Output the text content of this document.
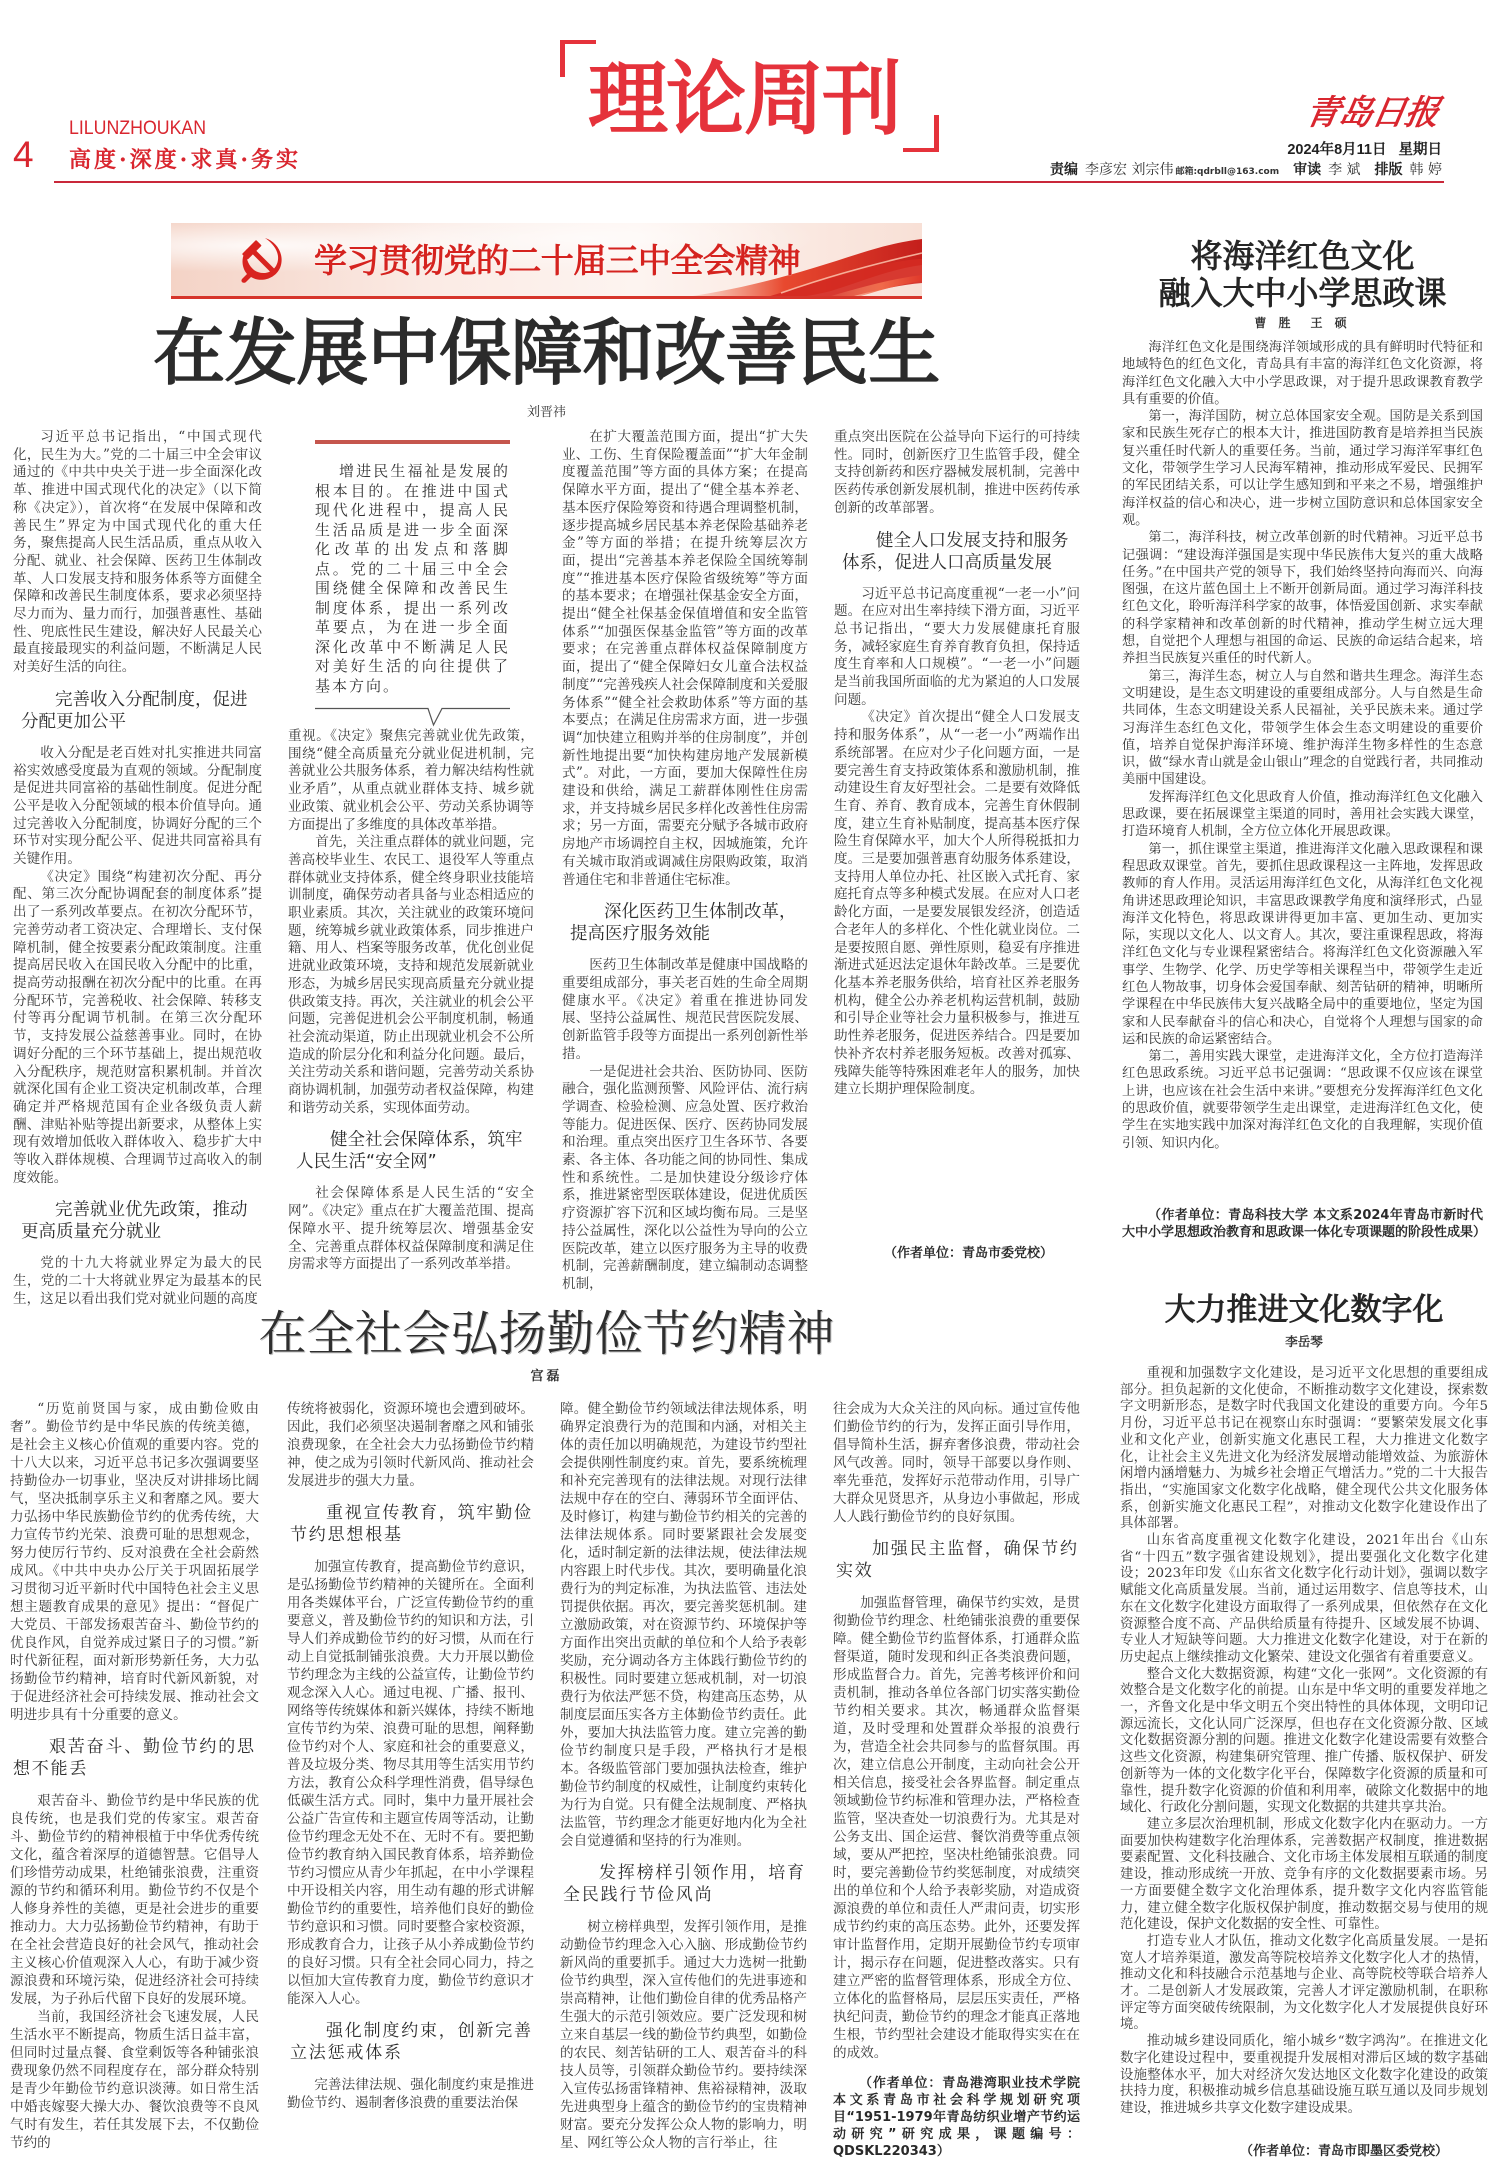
4
LILUNZHOUKAN
高度·深度·求真·务实
理论周刊	青岛日报
2024年8月11日 星期日
责编 李彦宏 刘宗伟 邮箱:qdrbll@163.com 审读 李 斌 排版 韩 婷
学习贯彻党的二十届三中全会精神
在发展中保障和改善民生
刘晋祎

习近平总书记指出，“中国式现代化，民生为大。”党的二十届三中全会审议通过的《中共中央关于进一步全面深化改革、推进中国式现代化的决定》（以下简称《决定》），首次将“在发展中保障和改善民生”界定为中国式现代化的重大任务，聚焦提高人民生活品质，重点从收入分配、就业、社会保障、医药卫生体制改革、人口发展支持和服务体系等方面健全保障和改善民生制度体系，要求必须坚持尽力而为、量力而行，加强普惠性、基础性、兜底性民生建设，解决好人民最关心最直接最现实的利益问题，不断满足人民对美好生活的向往。

完善收入分配制度，促进分配更加公平

收入分配是老百姓对扎实推进共同富裕实效感受度最为直观的领域。分配制度是促进共同富裕的基础性制度。促进分配公平是收入分配领域的根本价值导向。通过完善收入分配制度，协调好分配的三个环节对实现分配公平、促进共同富裕具有关键作用。

《决定》围绕“构建初次分配、再分配、第三次分配协调配套的制度体系”提出了一系列改革要点。在初次分配环节，完善劳动者工资决定、合理增长、支付保障机制，健全按要素分配政策制度。注重提高居民收入在国民收入分配中的比重，提高劳动报酬在初次分配中的比重。在再分配环节，完善税收、社会保障、转移支付等再分配调节机制。在第三次分配环节，支持发展公益慈善事业。同时，在协调好分配的三个环节基础上，提出规范收入分配秩序，规范财富积累机制。并首次就深化国有企业工资决定机制改革，合理确定并严格规范国有企业各级负责人薪酬、津贴补贴等提出新要求，从整体上实现有效增加低收入群体收入、稳步扩大中等收入群体规模、合理调节过高收入的制度效能。

完善就业优先政策，推动更高质量充分就业

党的十九大将就业界定为最大的民生，党的二十大将就业界定为最基本的民生，这足以看出我们党对就业问题的高度

增进民生福祉是发展的根本目的。在推进中国式现代化进程中，提高人民生活品质是进一步全面深化改革的出发点和落脚点。党的二十届三中全会围绕健全保障和改善民生制度体系，提出一系列改革要点，为在进一步全面深化改革中不断满足人民对美好生活的向往提供了基本方向。

重视。《决定》聚焦完善就业优先政策，围绕“健全高质量充分就业促进机制，完善就业公共服务体系，着力解决结构性就业矛盾”，从重点就业群体支持、城乡就业政策、就业机会公平、劳动关系协调等方面提出了多维度的具体改革举措。

首先，关注重点群体的就业问题，完善高校毕业生、农民工、退役军人等重点群体就业支持体系，健全终身职业技能培训制度，确保劳动者具备与业态相适应的职业素质。其次，关注就业的政策环境问题，统筹城乡就业政策体系，同步推进户籍、用人、档案等服务改革，优化创业促进就业政策环境，支持和规范发展新就业形态，为城乡居民实现高质量充分就业提供政策支持。再次，关注就业的机会公平问题，完善促进机会公平制度机制，畅通社会流动渠道，防止出现就业机会不公所造成的阶层分化和利益分化问题。最后，关注劳动关系和谐问题，完善劳动关系协商协调机制，加强劳动者权益保障，构建和谐劳动关系，实现体面劳动。

健全社会保障体系，筑牢人民生活“安全网”

社会保障体系是人民生活的“安全网”。《决定》重点在扩大覆盖范围、提高保障水平、提升统筹层次、增强基金安全、完善重点群体权益保障制度和满足住房需求等方面提出了一系列改革举措。

在扩大覆盖范围方面，提出“扩大失业、工伤、生育保险覆盖面”“扩大年金制度覆盖范围”等方面的具体方案；在提高保障水平方面，提出了“健全基本养老、基本医疗保险筹资和待遇合理调整机制，逐步提高城乡居民基本养老保险基础养老金”等方面的举措；在提升统筹层次方面，提出“完善基本养老保险全国统筹制度”“推进基本医疗保险省级统筹”等方面的基本要求；在增强社保基金安全方面，提出“健全社保基金保值增值和安全监管体系”“加强医保基金监管”等方面的改革要求；在完善重点群体权益保障制度方面，提出了“健全保障妇女儿童合法权益制度”“完善残疾人社会保障制度和关爱服务体系”“健全社会救助体系”等方面的基本要点；在满足住房需求方面，进一步强调“加快建立租购并举的住房制度”，并创新性地提出要“加快构建房地产发展新模式”。对此，一方面，要加大保障性住房建设和供给，满足工薪群体刚性住房需求，并支持城乡居民多样化改善性住房需求；另一方面，需要充分赋予各城市政府房地产市场调控自主权，因城施策，允许有关城市取消或调减住房限购政策，取消普通住宅和非普通住宅标准。

深化医药卫生体制改革，提高医疗服务效能

医药卫生体制改革是健康中国战略的重要组成部分，事关老百姓的生命全周期健康水平。《决定》着重在推进协同发展、坚持公益属性、规范民营医院发展、创新监管手段等方面提出一系列创新性举措。

一是促进社会共治、医防协同、医防融合，强化监测预警、风险评估、流行病学调查、检验检测、应急处置、医疗救治等能力。促进医保、医疗、医药协同发展和治理。重点突出医疗卫生各环节、各要素、各主体、各功能之间的协同性、集成性和系统性。二是加快建设分级诊疗体系，推进紧密型医联体建设，促进优质医疗资源扩容下沉和区域均衡布局。三是坚持公益属性，深化以公益性为导向的公立医院改革，建立以医疗服务为主导的收费机制，完善薪酬制度，建立编制动态调整机制，

重点突出医院在公益导向下运行的可持续性。同时，创新医疗卫生监管手段，健全支持创新药和医疗器械发展机制，完善中医药传承创新发展机制，推进中医药传承创新的改革部署。

健全人口发展支持和服务体系，促进人口高质量发展

习近平总书记高度重视“一老一小”问题。在应对出生率持续下滑方面，习近平总书记指出，“要大力发展健康托育服务，减轻家庭生育养育教育负担，保持适度生育率和人口规模”。“一老一小”问题是当前我国所面临的尤为紧迫的人口发展问题。

《决定》首次提出“健全人口发展支持和服务体系”，从“一老一小”两端作出系统部署。在应对少子化问题方面，一是要完善生育支持政策体系和激励机制，推动建设生育友好型社会。二是要有效降低生育、养育、教育成本，完善生育休假制度，建立生育补贴制度，提高基本医疗保险生育保障水平，加大个人所得税抵扣力度。三是要加强普惠育幼服务体系建设，支持用人单位办托、社区嵌入式托育、家庭托育点等多种模式发展。在应对人口老龄化方面，一是要发展银发经济，创造适合老年人的多样化、个性化就业岗位。二是要按照自愿、弹性原则，稳妥有序推进渐进式延迟法定退休年龄改革。三是要优化基本养老服务供给，培育社区养老服务机构，健全公办养老机构运营机制，鼓励和引导企业等社会力量积极参与，推进互助性养老服务，促进医养结合。四是要加快补齐农村养老服务短板。改善对孤寡、残障失能等特殊困难老年人的服务，加快建立长期护理保险制度。

（作者单位：青岛市委党校）

将海洋红色文化
融入大中小学思政课
曹 胜　王 硕

海洋红色文化是围绕海洋领域形成的具有鲜明时代特征和地域特色的红色文化，青岛具有丰富的海洋红色文化资源，将海洋红色文化融入大中小学思政课，对于提升思政课教育教学具有重要的价值。

第一，海洋国防，树立总体国家安全观。国防是关系到国家和民族生死存亡的根本大计，推进国防教育是培养担当民族复兴重任时代新人的重要任务。当前，通过学习海洋军事红色文化，带领学生学习人民海军精神，推动形成军爱民、民拥军的军民团结关系，可以让学生感知到和平来之不易，增强维护海洋权益的信心和决心，进一步树立国防意识和总体国家安全观。

第二，海洋科技，树立改革创新的时代精神。习近平总书记强调：“建设海洋强国是实现中华民族伟大复兴的重大战略任务。”在中国共产党的领导下，我们始终坚持向海而兴、向海图强，在这片蓝色国土上不断开创新局面。通过学习海洋科技红色文化，聆听海洋科学家的故事，体悟爱国创新、求实奉献的科学家精神和改革创新的时代精神，推动学生树立远大理想，自觉把个人理想与祖国的命运、民族的命运结合起来，培养担当民族复兴重任的时代新人。

第三，海洋生态，树立人与自然和谐共生理念。海洋生态文明建设，是生态文明建设的重要组成部分。人与自然是生命共同体，生态文明建设关系人民福祉，关乎民族未来。通过学习海洋生态红色文化，带领学生体会生态文明建设的重要价值，培养自觉保护海洋环境、维护海洋生物多样性的生态意识，做“绿水青山就是金山银山”理念的自觉践行者，共同推动美丽中国建设。

发挥海洋红色文化思政育人价值，推动海洋红色文化融入思政课，要在拓展课堂主渠道的同时，善用社会实践大课堂，打造环境育人机制，全方位立体化开展思政课。

第一，抓住课堂主渠道，推进海洋文化融入思政课程和课程思政双课堂。首先，要抓住思政课程这一主阵地，发挥思政教师的育人作用。灵活运用海洋红色文化，从海洋红色文化视角讲述思政理论知识，丰富思政课教学角度和演绎形式，凸显海洋文化特色，将思政课讲得更加丰富、更加生动、更加实际，实现以文化人、以文育人。其次，要注重课程思政，将海洋红色文化与专业课程紧密结合。将海洋红色文化资源融入军事学、生物学、化学、历史学等相关课程当中，带领学生走近红色人物故事，切身体会爱国奉献、刻苦钻研的精神，明晰所学课程在中华民族伟大复兴战略全局中的重要地位，坚定为国家和人民奉献奋斗的信心和决心，自觉将个人理想与国家的命运和民族的命运紧密结合。

第二，善用实践大课堂，走进海洋文化，全方位打造海洋红色思政系统。习近平总书记强调：“思政课不仅应该在课堂上讲，也应该在社会生活中来讲。”要想充分发挥海洋红色文化的思政价值，就要带领学生走出课堂，走进海洋红色文化，使学生在实地实践中加深对海洋红色文化的自我理解，实现价值引领、知识内化。

（作者单位：青岛科技大学 本文系2024年青岛市新时代大中小学思想政治教育和思政课一体化专项课题的阶段性成果）

在全社会弘扬勤俭节约精神
宫磊

“历览前贤国与家，成由勤俭败由奢”。勤俭节约是中华民族的传统美德，是社会主义核心价值观的重要内容。党的十八大以来，习近平总书记多次强调要坚持勤俭办一切事业，坚决反对讲排场比阔气，坚决抵制享乐主义和奢靡之风。要大力弘扬中华民族勤俭节约的优秀传统，大力宣传节约光荣、浪费可耻的思想观念，努力使厉行节约、反对浪费在全社会蔚然成风。《中共中央办公厅关于巩固拓展学习贯彻习近平新时代中国特色社会主义思想主题教育成果的意见》提出：“督促广大党员、干部发扬艰苦奋斗、勤俭节约的优良作风，自觉养成过紧日子的习惯。”新时代新征程，面对新形势新任务，大力弘扬勤俭节约精神，培育时代新风新貌，对于促进经济社会可持续发展、推动社会文明进步具有十分重要的意义。

艰苦奋斗、勤俭节约的思想不能丢

艰苦奋斗、勤俭节约是中华民族的优良传统，也是我们党的传家宝。艰苦奋斗、勤俭节约的精神根植于中华优秀传统文化，蕴含着深厚的道德智慧。它倡导人们珍惜劳动成果，杜绝铺张浪费，注重资源的节约和循环利用。勤俭节约不仅是个人修身养性的美德，更是社会进步的重要推动力。大力弘扬勤俭节约精神，有助于在全社会营造良好的社会风气，推动社会主义核心价值观深入人心，有助于减少资源浪费和环境污染，促进经济社会可持续发展，为子孙后代留下良好的发展环境。

当前，我国经济社会飞速发展，人民生活水平不断提高，物质生活日益丰富，但同时过量点餐、食堂剩饭等各种铺张浪费现象仍然不同程度存在，部分群众特别是青少年勤俭节约意识淡薄。如日常生活中婚丧嫁娶大操大办、餐饮浪费等不良风气时有发生，若任其发展下去，不仅勤俭节约的

传统将被弱化，资源环境也会遭到破坏。因此，我们必须坚决遏制奢靡之风和铺张浪费现象，在全社会大力弘扬勤俭节约精神，使之成为引领时代新风尚、推动社会发展进步的强大力量。

重视宣传教育，筑牢勤俭节约思想根基

加强宣传教育，提高勤俭节约意识，是弘扬勤俭节约精神的关键所在。全面利用各类媒体平台，广泛宣传勤俭节约的重要意义，普及勤俭节约的知识和方法，引导人们养成勤俭节约的好习惯，从而在行动上自觉抵制铺张浪费。大力开展以勤俭节约理念为主线的公益宣传，让勤俭节约观念深入人心。通过电视、广播、报刊、网络等传统媒体和新兴媒体，持续不断地宣传节约为荣、浪费可耻的思想，阐释勤俭节约对个人、家庭和社会的重要意义，普及垃圾分类、物尽其用等生活实用节约方法，教育公众科学理性消费，倡导绿色低碳生活方式。同时，集中力量开展社会公益广告宣传和主题宣传周等活动，让勤俭节约理念无处不在、无时不有。要把勤俭节约教育纳入国民教育体系，培养勤俭节约习惯应从青少年抓起，在中小学课程中开设相关内容，用生动有趣的形式讲解勤俭节约的重要性，培养他们良好的勤俭节约意识和习惯。同时要整合家校资源，形成教育合力，让孩子从小养成勤俭节约的良好习惯。只有全社会同心同力，持之以恒加大宣传教育力度，勤俭节约意识才能深入人心。

强化制度约束，创新完善立法惩戒体系

完善法律法规、强化制度约束是推进勤俭节约、遏制奢侈浪费的重要法治保

障。健全勤俭节约领域法律法规体系，明确界定浪费行为的范围和内涵，对相关主体的责任加以明确规范，为建设节约型社会提供刚性制度约束。首先，要系统梳理和补充完善现有的法律法规。对现行法律法规中存在的空白、薄弱环节全面评估、及时修订，构建与勤俭节约相关的完善的法律法规体系。同时要紧跟社会发展变化，适时制定新的法律法规，使法律法规内容跟上时代步伐。其次，要明确量化浪费行为的判定标准，为执法监管、违法处罚提供依据。再次，要完善奖惩机制。建立激励政策，对在资源节约、环境保护等方面作出突出贡献的单位和个人给予表彰奖励，充分调动各方主体践行勤俭节约的积极性。同时要建立惩戒机制，对一切浪费行为依法严惩不贷，构建高压态势，从制度层面压实各方主体勤俭节约责任。此外，要加大执法监管力度。建立完善的勤俭节约制度只是手段，严格执行才是根本。各级监管部门要加强执法检查，维护勤俭节约制度的权威性，让制度约束转化为行为自觉。只有健全法规制度、严格执法监管，节约理念才能更好地内化为全社会自觉遵循和坚持的行为准则。

发挥榜样引领作用，培育全民践行节俭风尚

树立榜样典型，发挥引领作用，是推动勤俭节约理念入心入脑、形成勤俭节约新风尚的重要抓手。通过大力选树一批勤俭节约典型，深入宣传他们的先进事迹和崇高精神，让他们勤俭自律的优秀品格产生强大的示范引领效应。要广泛发现和树立来自基层一线的勤俭节约典型，如勤俭的农民、刻苦钻研的工人、艰苦奋斗的科技人员等，引领群众勤俭节约。要持续深入宣传弘扬雷锋精神、焦裕禄精神，汲取先进典型身上蕴含的勤俭节约的宝贵精神财富。要充分发挥公众人物的影响力，明星、网红等公众人物的言行举止，往

往会成为大众关注的风向标。通过宣传他们勤俭节约的行为，发挥正面引导作用，倡导简朴生活，摒弃奢侈浪费，带动社会风气改善。同时，领导干部要以身作则、率先垂范，发挥好示范带动作用，引导广大群众见贤思齐，从身边小事做起，形成人人践行勤俭节约的良好氛围。

加强民主监督，确保节约实效

加强监督管理，确保节约实效，是贯彻勤俭节约理念、杜绝铺张浪费的重要保障。健全勤俭节约监督体系，打通群众监督渠道，随时发现和纠正各类浪费问题，形成监督合力。首先，完善考核评价和问责机制，推动各单位各部门切实落实勤俭节约相关要求。其次，畅通群众监督渠道，及时受理和处置群众举报的浪费行为，营造全社会共同参与的监督氛围。再次，建立信息公开制度，主动向社会公开相关信息，接受社会各界监督。制定重点领域勤俭节约标准和管理办法，严格检查监管，坚决查处一切浪费行为。尤其是对公务支出、国企运营、餐饮消费等重点领域，要从严把控，坚决杜绝铺张浪费。同时，要完善勤俭节约奖惩制度，对成绩突出的单位和个人给予表彰奖励，对造成资源浪费的单位和责任人严肃问责，切实形成节约约束的高压态势。此外，还要发挥审计监督作用，定期开展勤俭节约专项审计，揭示存在问题，促进整改落实。只有建立严密的监督管理体系，形成全方位、立体化的监督格局，层层压实责任，严格执纪问责，勤俭节约的理念才能真正落地生根，节约型社会建设才能取得实实在在的成效。

（作者单位：青岛港湾职业技术学院 本文系青岛市社会科学规划研究项目“1951-1979年青岛纺织业增产节约运动研究”研究成果，课题编号：QDSKL220343）

大力推进文化数字化
李岳琴

重视和加强数字文化建设，是习近平文化思想的重要组成部分。担负起新的文化使命，不断推动数字文化建设，探索数字文明新形态，是数字时代我国文化建设的重要方向。今年5月份，习近平总书记在视察山东时强调：“要繁荣发展文化事业和文化产业，创新实施文化惠民工程，大力推进文化数字化，让社会主义先进文化为经济发展增动能增效益、为旅游休闲增内涵增魅力、为城乡社会增正气增活力。”党的二十大报告指出，“实施国家文化数字化战略，健全现代公共文化服务体系，创新实施文化惠民工程”，对推动文化数字化建设作出了具体部署。

山东省高度重视文化数字化建设，2021年出台《山东省“十四五”数字强省建设规划》，提出要强化文化数字化建设；2023年印发《山东省文化数字化行动计划》，强调以数字赋能文化高质量发展。当前，通过运用数字、信息等技术，山东在文化数字化建设方面取得了一系列成果，但依然存在文化资源整合度不高、产品供给质量有待提升、区域发展不协调、专业人才短缺等问题。大力推进文化数字化建设，对于在新的历史起点上继续推动文化繁荣、建设文化强省有着重要意义。

整合文化大数据资源，构建“文化一张网”。文化资源的有效整合是文化数字化的前提。山东是中华文明的重要发祥地之一，齐鲁文化是中华文明五个突出特性的具体体现，文明印记源远流长，文化认同广泛深厚，但也存在文化资源分散、区域文化数据资源分割的问题。推进文化数字化建设需要有效整合这些文化资源，构建集研究管理、推广传播、版权保护、研发创新等为一体的文化数字化平台，保障数字化资源的质量和可靠性，提升数字化资源的价值和利用率，破除文化数据中的地域化、行政化分割问题，实现文化数据的共建共享共治。

建立多层次治理机制，形成文化数字化内在驱动力。一方面要加快构建数字化治理体系，完善数据产权制度，推进数据要素配置、文化科技融合、文化市场主体发展相互联通的制度建设，推动形成统一开放、竞争有序的文化数据要素市场。另一方面要健全数字文化治理体系，提升数字文化内容监管能力，建立健全数字化版权保护制度，推动数据交易与使用的规范化建设，保护文化数据的安全性、可靠性。

打造专业人才队伍，推动文化数字化高质量发展。一是拓宽人才培养渠道，激发高等院校培养文化数字化人才的热情，推动文化和科技融合示范基地与企业、高等院校等联合培养人才。二是创新人才发展政策，完善人才评定激励机制，在职称评定等方面突破传统限制，为文化数字化人才发展提供良好环境。

推动城乡建设同质化，缩小城乡“数字鸿沟”。在推进文化数字化建设过程中，要重视提升发展相对滞后区域的数字基础设施整体水平，加大对经济欠发达地区文化数字化建设的政策扶持力度，积极推动城乡信息基础设施互联互通以及同步规划建设，推进城乡共享文化数字建设成果。

（作者单位：青岛市即墨区委党校）
